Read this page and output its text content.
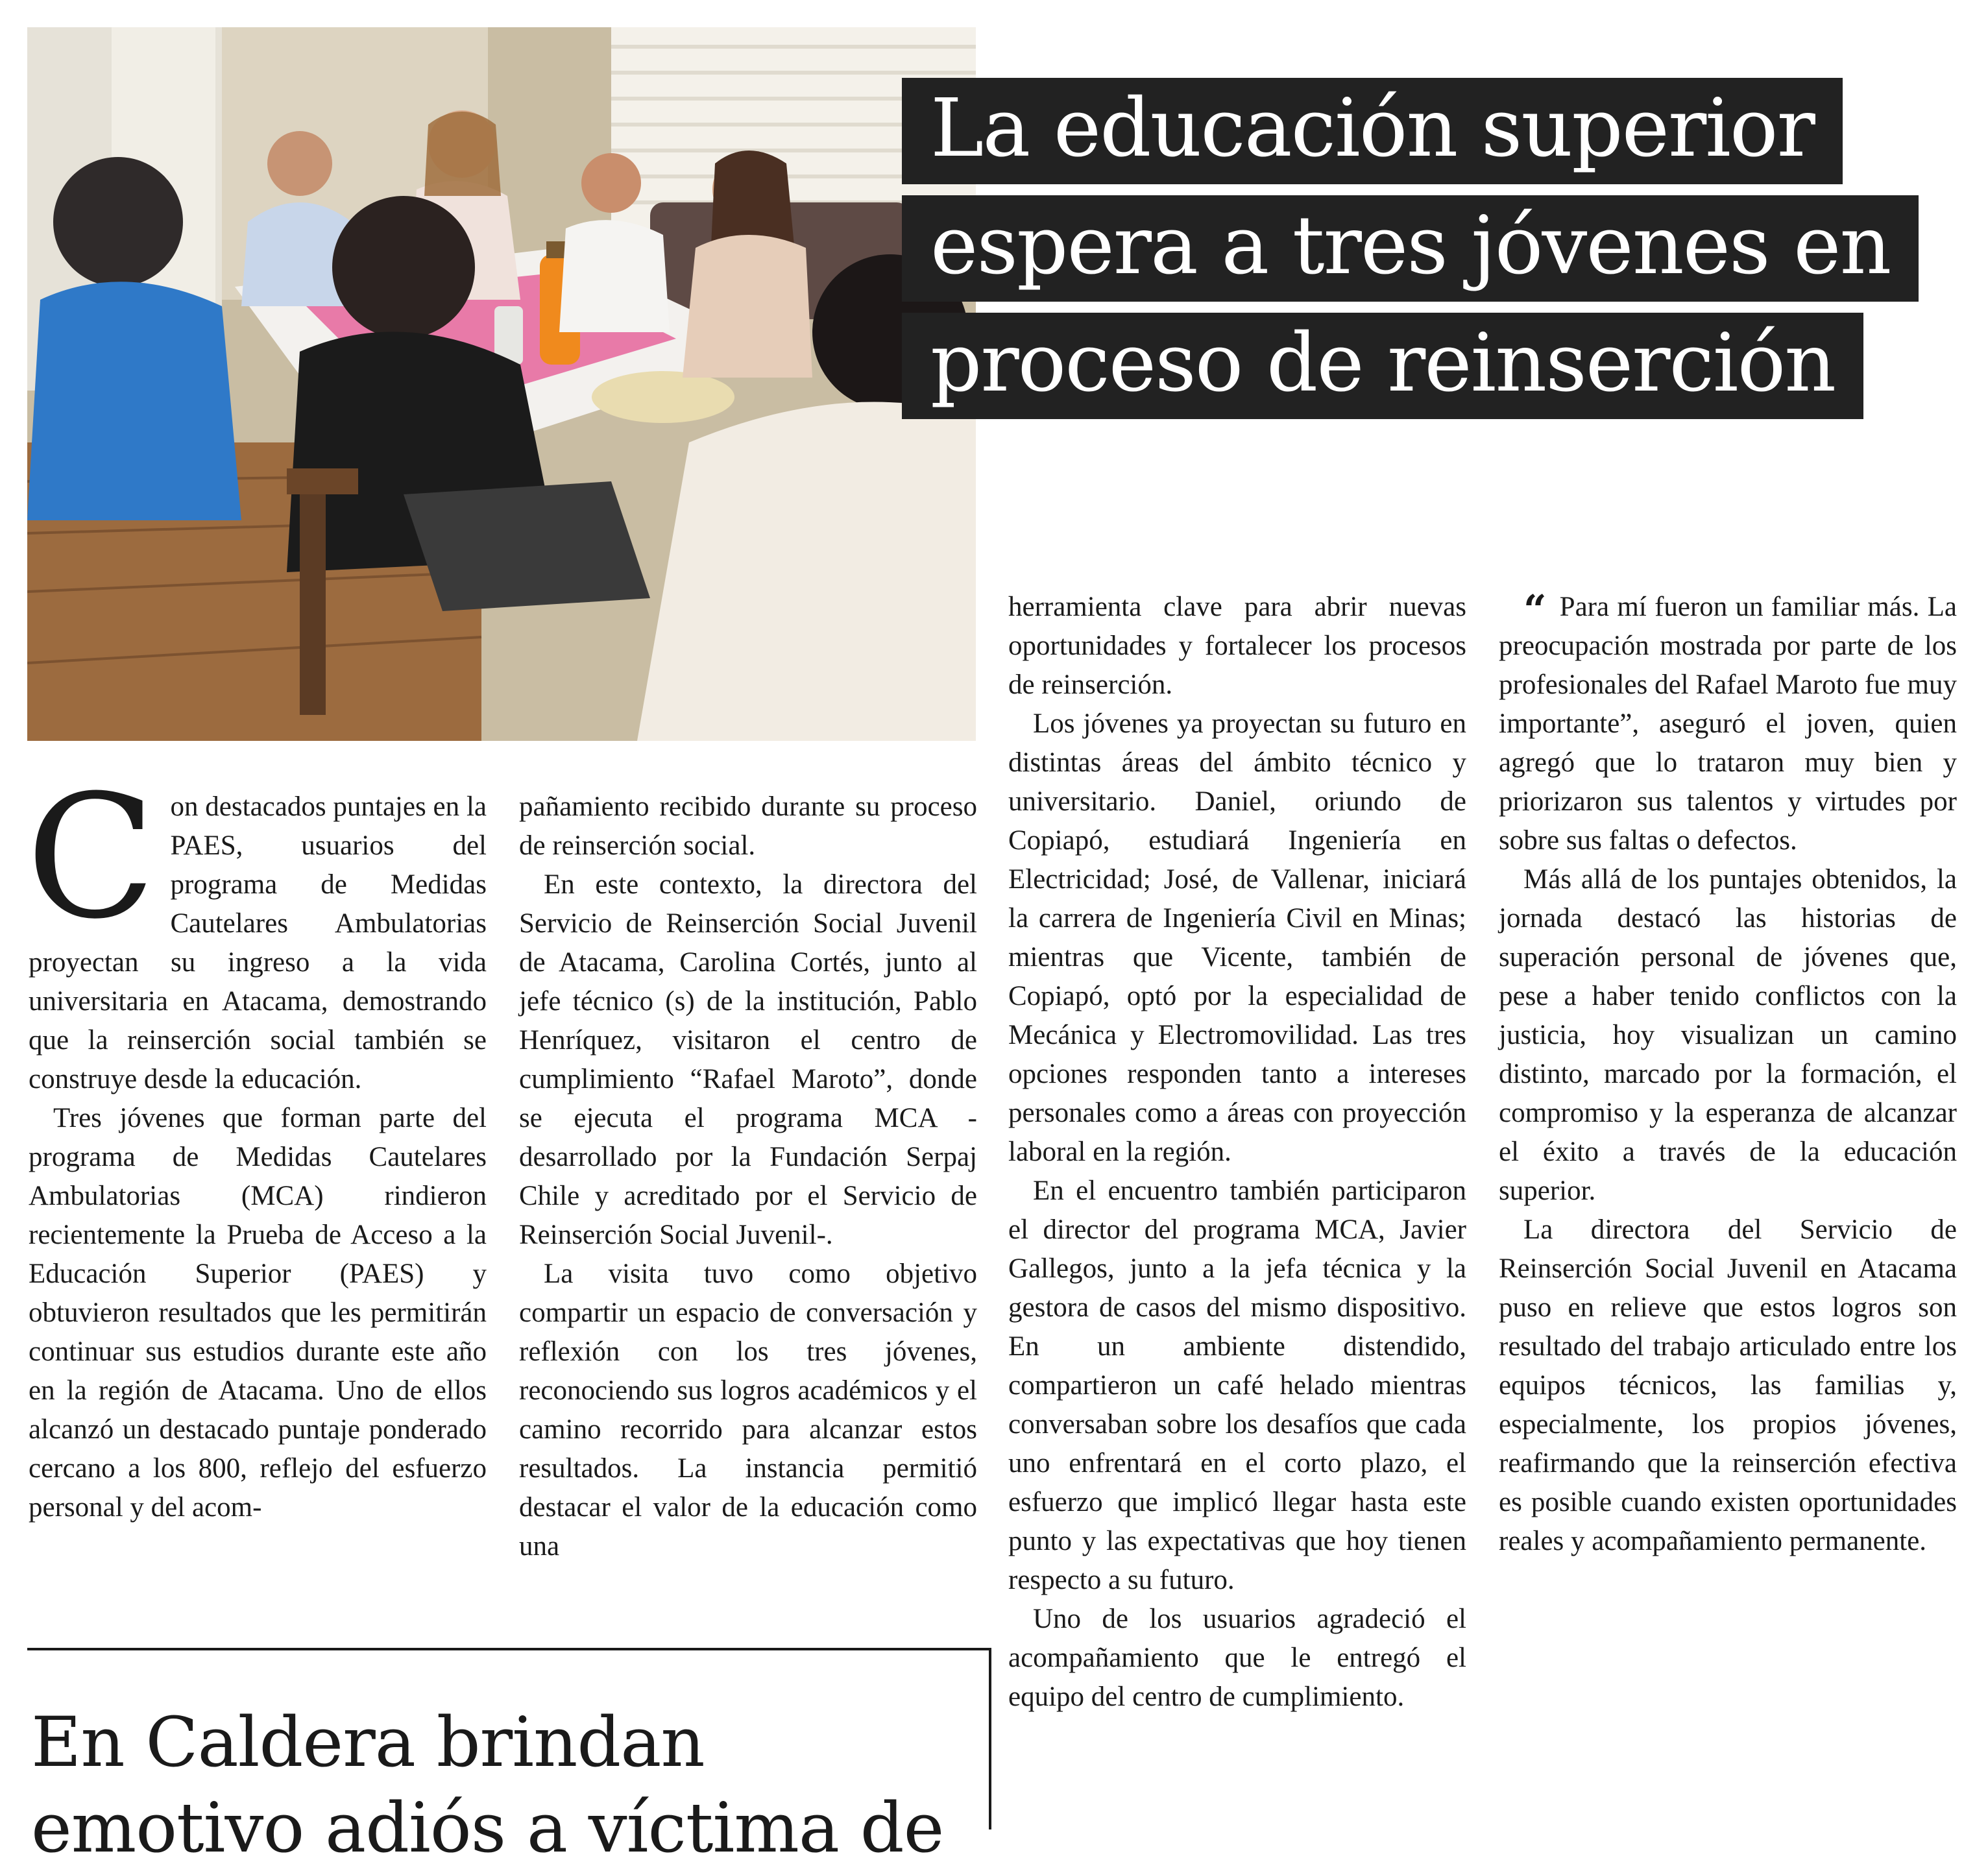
La educación superior espera a tres jóvenes en proceso de reinserción

Con destacados puntajes en la PAES, usuarios del programa de Medidas Cautelares Ambulatorias proyectan su ingreso a la vida universitaria en Atacama, demostrando que la reinserción social también se construye desde la educación.

Tres jóvenes que forman parte del programa de Medidas Cautelares Ambulatorias (MCA) rindieron recientemente la Prueba de Acceso a la Educación Superior (PAES) y obtuvieron resultados que les permitirán continuar sus estudios durante este año en la región de Atacama. Uno de ellos alcanzó un destacado puntaje ponderado cercano a los 800, reflejo del esfuerzo personal y del acom-

pañamiento recibido durante su proceso de reinserción social.

En este contexto, la directora del Servicio de Reinserción Social Juvenil de Atacama, Carolina Cortés, junto al jefe técnico (s) de la institución, Pablo Henríquez, visitaron el centro de cumplimiento “Rafael Maroto”, donde se ejecuta el programa MCA -desarrollado por la Fundación Serpaj Chile y acreditado por el Servicio de Reinserción Social Juvenil-.

La visita tuvo como objetivo compartir un espacio de conversación y reflexión con los tres jóvenes, reconociendo sus logros académicos y el camino recorrido para alcanzar estos resultados. La instancia permitió destacar el valor de la educación como una

herramienta clave para abrir nuevas oportunidades y fortalecer los procesos de reinserción.

Los jóvenes ya proyectan su futuro en distintas áreas del ámbito técnico y universitario. Daniel, oriundo de Copiapó, estudiará Ingeniería en Electricidad; José, de Vallenar, iniciará la carrera de Ingeniería Civil en Minas; mientras que Vicente, también de Copiapó, optó por la especialidad de Mecánica y Electromovilidad. Las tres opciones responden tanto a intereses personales como a áreas con proyección laboral en la región.

En el encuentro también participaron el director del programa MCA, Javier Gallegos, junto a la jefa técnica y la gestora de casos del mismo dispositivo. En un ambiente distendido, compartieron un café helado mientras conversaban sobre los desafíos que cada uno enfrentará en el corto plazo, el esfuerzo que implicó llegar hasta este punto y las expectativas que hoy tienen respecto a su futuro.

Uno de los usuarios agradeció el acompañamiento que le entregó el equipo del centro de cumplimiento.

“ Para mí fueron un familiar más. La preocupación mostrada por parte de los profesionales del Rafael Maroto fue muy importante”, aseguró el joven, quien agregó que lo trataron muy bien y priorizaron sus talentos y virtudes por sobre sus faltas o defectos.

Más allá de los puntajes obtenidos, la jornada destacó las historias de superación personal de jóvenes que, pese a haber tenido conflictos con la justicia, hoy visualizan un camino distinto, marcado por la formación, el compromiso y la esperanza de alcanzar el éxito a través de la educación superior.

La directora del Servicio de Reinserción Social Juvenil en Atacama puso en relieve que estos logros son resultado del trabajo articulado entre los equipos técnicos, las familias y, especialmente, los propios jóvenes, reafirmando que la reinserción efectiva es posible cuando existen oportunidades reales y acompañamiento permanente.

En Caldera brindan emotivo adiós a víctima de
